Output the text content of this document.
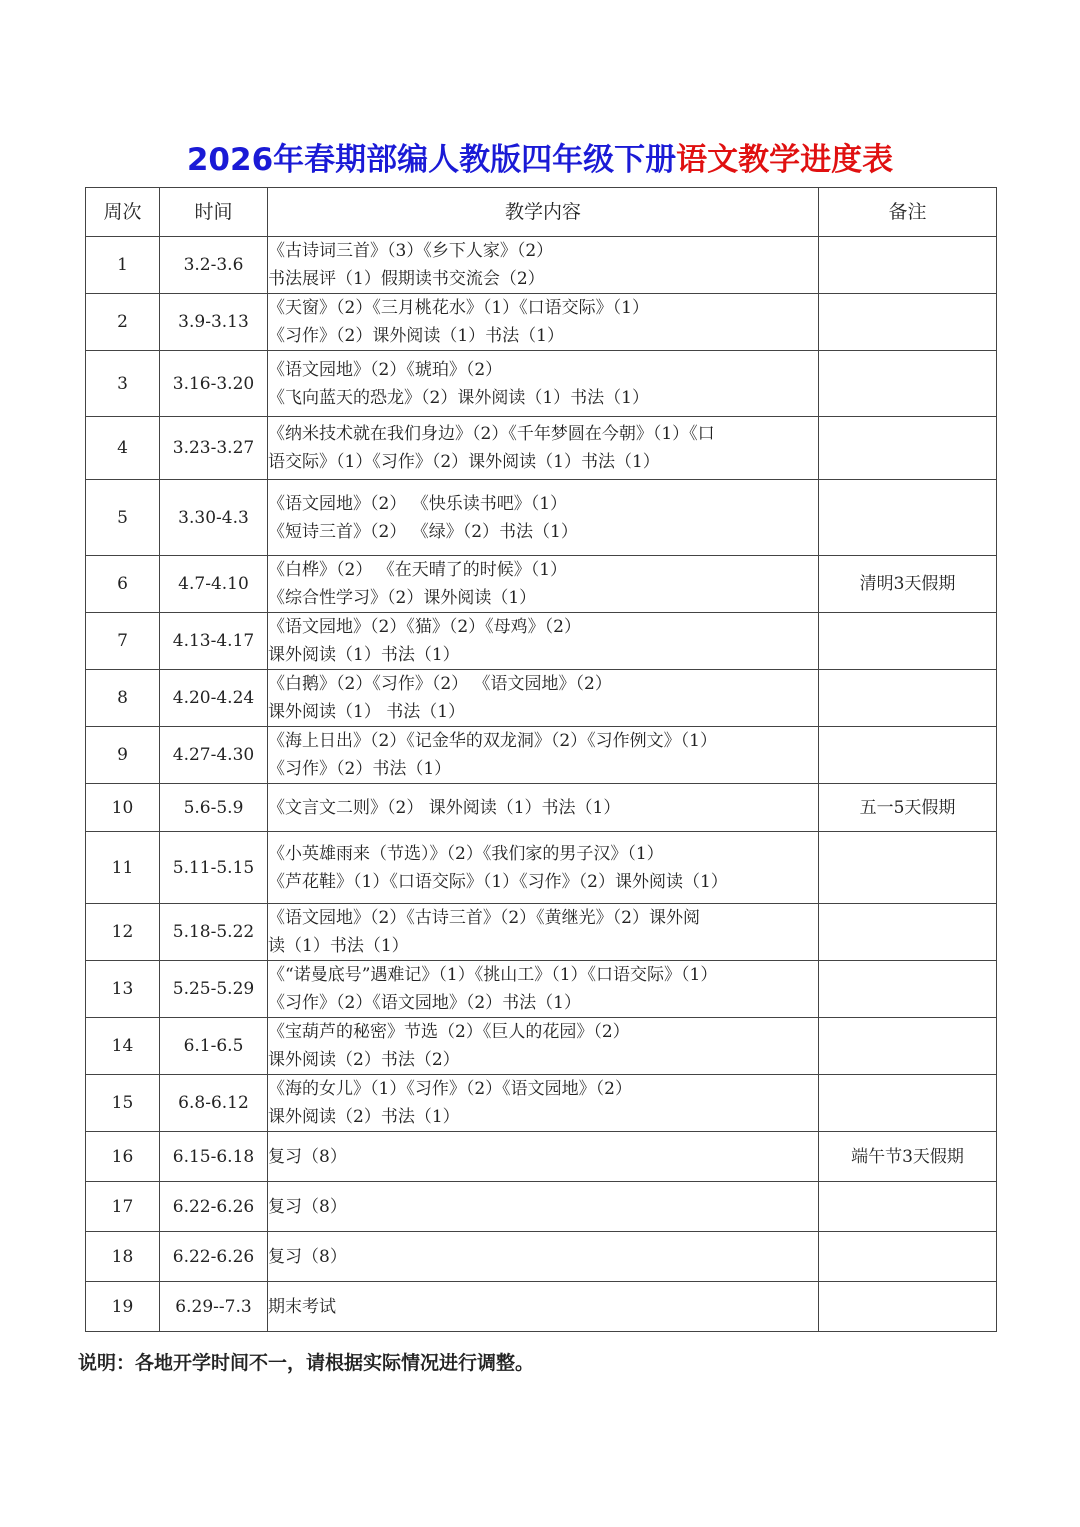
2026年春期部编人教版四年级下册语文教学进度表
周次	时间	教学内容	备注
1	3.2-3.6	《古诗词三首》（3）《乡下人家》（2）
书法展评（1）假期读书交流会（2）	

2	3.9-3.13	《天窗》（2）《三月桃花水》（1）《口语交际》（1）
《习作》（2）课外阅读（1）书法（1）	

3	3.16-3.20	《语文园地》（2）《琥珀》（2）
《飞向蓝天的恐龙》（2）课外阅读（1）书法（1）	

4	3.23-3.27	《纳米技术就在我们身边》（2）《千年梦圆在今朝》（1）《口
语交际》（1）《习作》（2）课外阅读（1）书法（1）	

5	3.30-4.3	《语文园地》（2） 《快乐读书吧》（1）
《短诗三首》（2） 《绿》（2）书法（1）	

6	4.7-4.10	《白桦》（2） 《在天晴了的时候》（1）
《综合性学习》（2）课外阅读（1）	清明3天假期
7	4.13-4.17	《语文园地》（2）《猫》（2）《母鸡》（2）
课外阅读（1）书法（1）	

8	4.20-4.24	《白鹅》（2）《习作》（2） 《语文园地》（2）
课外阅读（1） 书法（1）	

9	4.27-4.30	《海上日出》（2）《记金华的双龙洞》（2）《习作例文》（1）
《习作》（2）书法（1）	

10	5.6-5.9	《文言文二则》（2） 课外阅读（1）书法（1）	五一5天假期
11	5.11-5.15	《小英雄雨来（节选）》（2）《我们家的男子汉》（1）
《芦花鞋》（1）《口语交际》（1）《习作》（2）课外阅读（1）	

12	5.18-5.22	《语文园地》（2）《古诗三首》（2）《黄继光》（2）课外阅
读（1）书法（1）	

13	5.25-5.29	《“诺曼底号”遇难记》（1）《挑山工》（1）《口语交际》（1）
《习作》（2）《语文园地》（2）书法（1）	

14	6.1-6.5	《宝葫芦的秘密》节选（2）《巨人的花园》（2）
课外阅读（2）书法（2）	

15	6.8-6.12	《海的女儿》（1）《习作》（2）《语文园地》（2）
课外阅读（2）书法（1）	

16	6.15-6.18	复习（8）	端午节3天假期
17	6.22-6.26	复习（8）	

18	6.22-6.26	复习（8）	

19	6.29--7.3	期末考试	

说明：各地开学时间不一，请根据实际情况进行调整。
